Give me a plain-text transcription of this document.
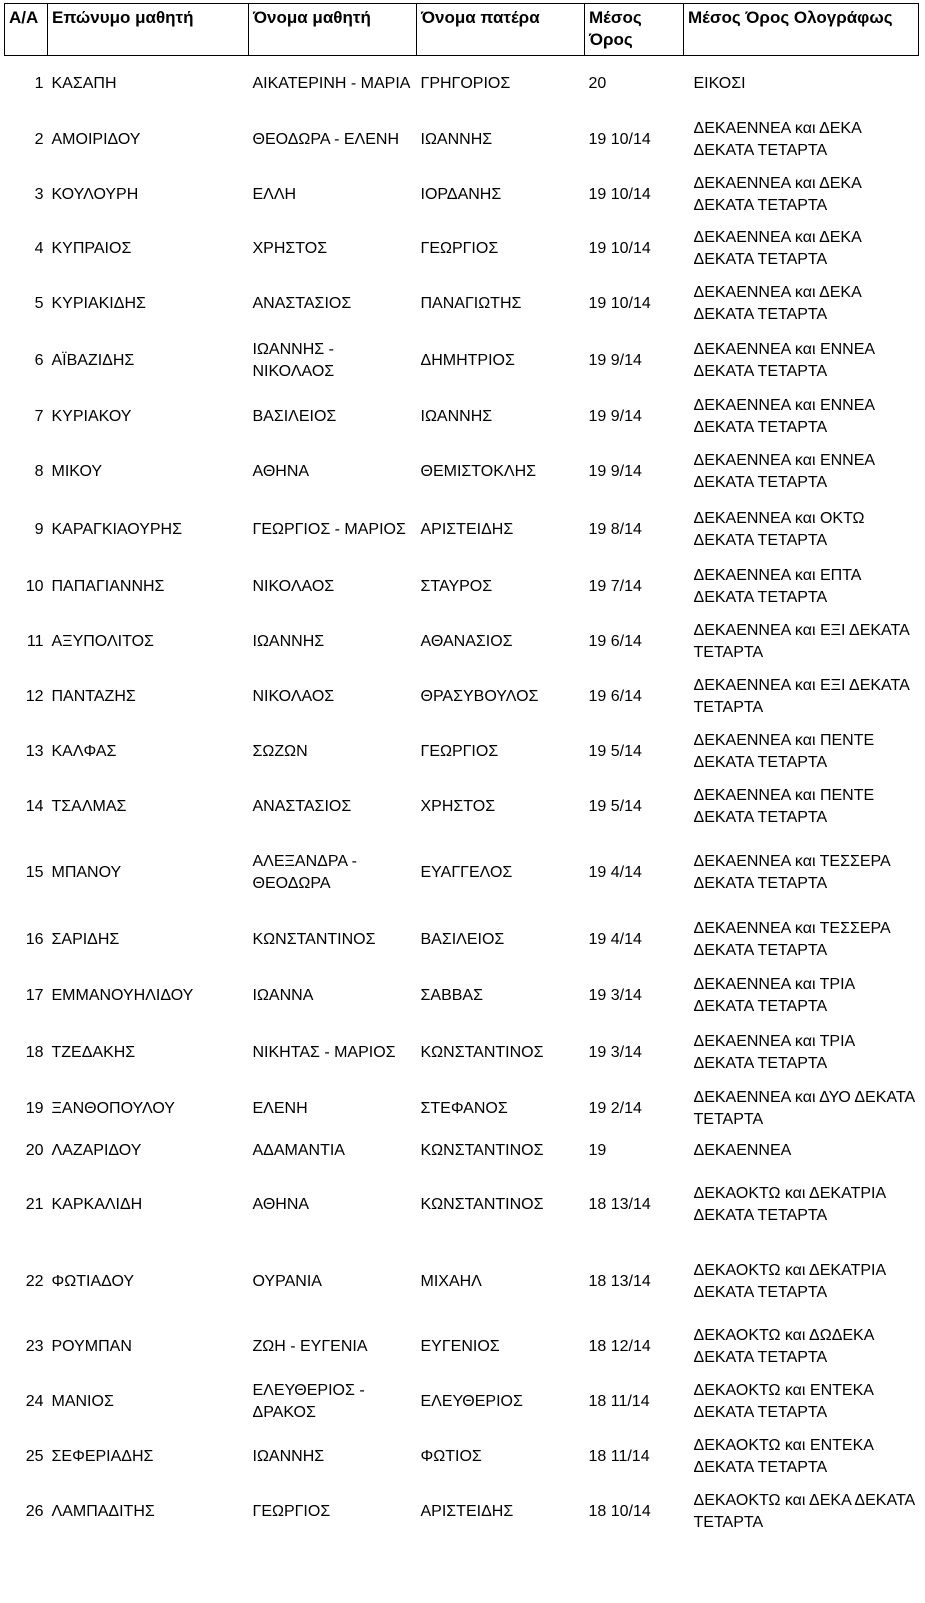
Α/Α	Επώνυμο μαθητή	Όνομα μαθητή	Όνομα πατέρα	Μέσος Όρος	Μέσος Όρος Ολογράφως
1	ΚΑΣΑΠΗ	ΑΙΚΑΤΕΡΙΝΗ - ΜΑΡΙΑ	ΓΡΗΓΟΡΙΟΣ	20	ΕΙΚΟΣΙ
2	ΑΜΟΙΡΙΔΟΥ	ΘΕΟΔΩΡΑ - ΕΛΕΝΗ	ΙΩΑΝΝΗΣ	19 10/14	ΔΕΚΑΕΝΝΕΑ και ΔΕΚΑ ΔΕΚΑΤΑ ΤΕΤΑΡΤΑ
3	ΚΟΥΛΟΥΡΗ	ΕΛΛΗ	ΙΟΡΔΑΝΗΣ	19 10/14	ΔΕΚΑΕΝΝΕΑ και ΔΕΚΑ ΔΕΚΑΤΑ ΤΕΤΑΡΤΑ
4	ΚΥΠΡΑΙΟΣ	ΧΡΗΣΤΟΣ	ΓΕΩΡΓΙΟΣ	19 10/14	ΔΕΚΑΕΝΝΕΑ και ΔΕΚΑ ΔΕΚΑΤΑ ΤΕΤΑΡΤΑ
5	ΚΥΡΙΑΚΙΔΗΣ	ΑΝΑΣΤΑΣΙΟΣ	ΠΑΝΑΓΙΩΤΗΣ	19 10/14	ΔΕΚΑΕΝΝΕΑ και ΔΕΚΑ ΔΕΚΑΤΑ ΤΕΤΑΡΤΑ
6	ΑΪΒΑΖΙΔΗΣ	ΙΩΑΝΝΗΣ - ΝΙΚΟΛΑΟΣ	ΔΗΜΗΤΡΙΟΣ	19 9/14	ΔΕΚΑΕΝΝΕΑ και ΕΝΝΕΑ ΔΕΚΑΤΑ ΤΕΤΑΡΤΑ
7	ΚΥΡΙΑΚΟΥ	ΒΑΣΙΛΕΙΟΣ	ΙΩΑΝΝΗΣ	19 9/14	ΔΕΚΑΕΝΝΕΑ και ΕΝΝΕΑ ΔΕΚΑΤΑ ΤΕΤΑΡΤΑ
8	ΜΙΚΟΥ	ΑΘΗΝΑ	ΘΕΜΙΣΤΟΚΛΗΣ	19 9/14	ΔΕΚΑΕΝΝΕΑ και ΕΝΝΕΑ ΔΕΚΑΤΑ ΤΕΤΑΡΤΑ
9	ΚΑΡΑΓΚΙΑΟΥΡΗΣ	ΓΕΩΡΓΙΟΣ - ΜΑΡΙΟΣ	ΑΡΙΣΤΕΙΔΗΣ	19 8/14	ΔΕΚΑΕΝΝΕΑ και ΟΚΤΩ ΔΕΚΑΤΑ ΤΕΤΑΡΤΑ
10	ΠΑΠΑΓΙΑΝΝΗΣ	ΝΙΚΟΛΑΟΣ	ΣΤΑΥΡΟΣ	19 7/14	ΔΕΚΑΕΝΝΕΑ και ΕΠΤΑ ΔΕΚΑΤΑ ΤΕΤΑΡΤΑ
11	ΑΞΥΠΟΛΙΤΟΣ	ΙΩΑΝΝΗΣ	ΑΘΑΝΑΣΙΟΣ	19 6/14	ΔΕΚΑΕΝΝΕΑ και ΕΞΙ ΔΕΚΑΤΑ ΤΕΤΑΡΤΑ
12	ΠΑΝΤΑΖΗΣ	ΝΙΚΟΛΑΟΣ	ΘΡΑΣΥΒΟΥΛΟΣ	19 6/14	ΔΕΚΑΕΝΝΕΑ και ΕΞΙ ΔΕΚΑΤΑ ΤΕΤΑΡΤΑ
13	ΚΑΛΦΑΣ	ΣΩΖΩΝ	ΓΕΩΡΓΙΟΣ	19 5/14	ΔΕΚΑΕΝΝΕΑ και ΠΕΝΤΕ ΔΕΚΑΤΑ ΤΕΤΑΡΤΑ
14	ΤΣΑΛΜΑΣ	ΑΝΑΣΤΑΣΙΟΣ	ΧΡΗΣΤΟΣ	19 5/14	ΔΕΚΑΕΝΝΕΑ και ΠΕΝΤΕ ΔΕΚΑΤΑ ΤΕΤΑΡΤΑ
15	ΜΠΑΝΟΥ	ΑΛΕΞΑΝΔΡΑ - ΘΕΟΔΩΡΑ	ΕΥΑΓΓΕΛΟΣ	19 4/14	ΔΕΚΑΕΝΝΕΑ και ΤΕΣΣΕΡΑ ΔΕΚΑΤΑ ΤΕΤΑΡΤΑ
16	ΣΑΡΙΔΗΣ	ΚΩΝΣΤΑΝΤΙΝΟΣ	ΒΑΣΙΛΕΙΟΣ	19 4/14	ΔΕΚΑΕΝΝΕΑ και ΤΕΣΣΕΡΑ ΔΕΚΑΤΑ ΤΕΤΑΡΤΑ
17	ΕΜΜΑΝΟΥΗΛΙΔΟΥ	ΙΩΑΝΝΑ	ΣΑΒΒΑΣ	19 3/14	ΔΕΚΑΕΝΝΕΑ και ΤΡΙΑ ΔΕΚΑΤΑ ΤΕΤΑΡΤΑ
18	ΤΖΕΔΑΚΗΣ	ΝΙΚΗΤΑΣ - ΜΑΡΙΟΣ	ΚΩΝΣΤΑΝΤΙΝΟΣ	19 3/14	ΔΕΚΑΕΝΝΕΑ και ΤΡΙΑ ΔΕΚΑΤΑ ΤΕΤΑΡΤΑ
19	ΞΑΝΘΟΠΟΥΛΟΥ	ΕΛΕΝΗ	ΣΤΕΦΑΝΟΣ	19 2/14	ΔΕΚΑΕΝΝΕΑ και ΔΥΟ ΔΕΚΑΤΑ ΤΕΤΑΡΤΑ
20	ΛΑΖΑΡΙΔΟΥ	ΑΔΑΜΑΝΤΙΑ	ΚΩΝΣΤΑΝΤΙΝΟΣ	19	ΔΕΚΑΕΝΝΕΑ
21	ΚΑΡΚΑΛΙΔΗ	ΑΘΗΝΑ	ΚΩΝΣΤΑΝΤΙΝΟΣ	18 13/14	ΔΕΚΑΟΚΤΩ και ΔΕΚΑΤΡΙΑ ΔΕΚΑΤΑ ΤΕΤΑΡΤΑ
22	ΦΩΤΙΑΔΟΥ	ΟΥΡΑΝΙΑ	ΜΙΧΑΗΛ	18 13/14	ΔΕΚΑΟΚΤΩ και ΔΕΚΑΤΡΙΑ ΔΕΚΑΤΑ ΤΕΤΑΡΤΑ
23	ΡΟΥΜΠΑΝ	ΖΩΗ - ΕΥΓΕΝΙΑ	ΕΥΓΕΝΙΟΣ	18 12/14	ΔΕΚΑΟΚΤΩ και ΔΩΔΕΚΑ ΔΕΚΑΤΑ ΤΕΤΑΡΤΑ
24	ΜΑΝΙΟΣ	ΕΛΕΥΘΕΡΙΟΣ - ΔΡΑΚΟΣ	ΕΛΕΥΘΕΡΙΟΣ	18 11/14	ΔΕΚΑΟΚΤΩ και ΕΝΤΕΚΑ ΔΕΚΑΤΑ ΤΕΤΑΡΤΑ
25	ΣΕΦΕΡΙΑΔΗΣ	ΙΩΑΝΝΗΣ	ΦΩΤΙΟΣ	18 11/14	ΔΕΚΑΟΚΤΩ και ΕΝΤΕΚΑ ΔΕΚΑΤΑ ΤΕΤΑΡΤΑ
26	ΛΑΜΠΑΔΙΤΗΣ	ΓΕΩΡΓΙΟΣ	ΑΡΙΣΤΕΙΔΗΣ	18 10/14	ΔΕΚΑΟΚΤΩ και ΔΕΚΑ ΔΕΚΑΤΑ ΤΕΤΑΡΤΑ
